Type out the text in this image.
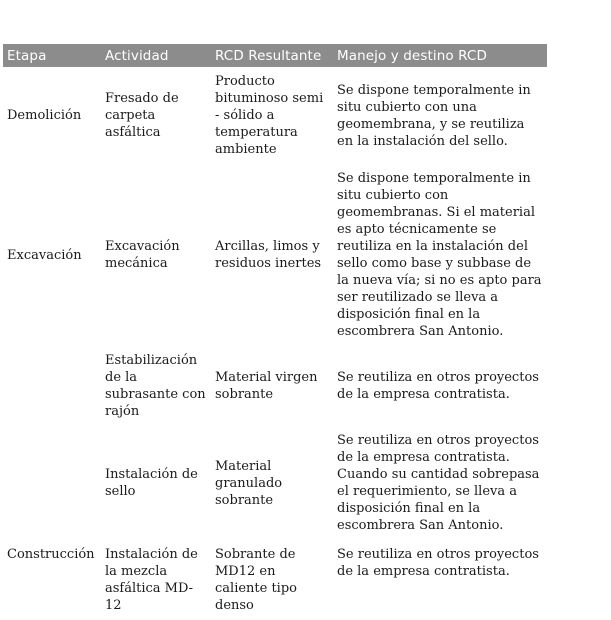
Etapa	Actividad	RCD Resultante	Manejo y destino RCD
Demolición	Fresado de carpeta asfáltica	Producto bituminoso semi - sólido a temperatura ambiente	Se dispone temporalmente in situ cubierto con una geomembrana, y se reutiliza en la instalación del sello.
Excavación	Excavación mecánica	Arcillas, limos y residuos inertes	Se dispone temporalmente in situ cubierto con geomembranas. Si el material es apto técnicamente se reutiliza en la instalación del sello como base y subbase de la nueva vía; si no es apto para ser reutilizado se lleva a disposición final en la escombrera San Antonio.
	Estabilización de la subrasante con rajón	Material virgen sobrante	Se reutiliza en otros proyectos de la empresa contratista.
	Instalación de sello	Material granulado sobrante	Se reutiliza en otros proyectos de la empresa contratista. Cuando su cantidad sobrepasa el requerimiento, se lleva a disposición final en la escombrera San Antonio.
Construcción	Instalación de la mezcla asfáltica MD-12	Sobrante de MD12 en caliente tipo denso	Se reutiliza en otros proyectos de la empresa contratista.
